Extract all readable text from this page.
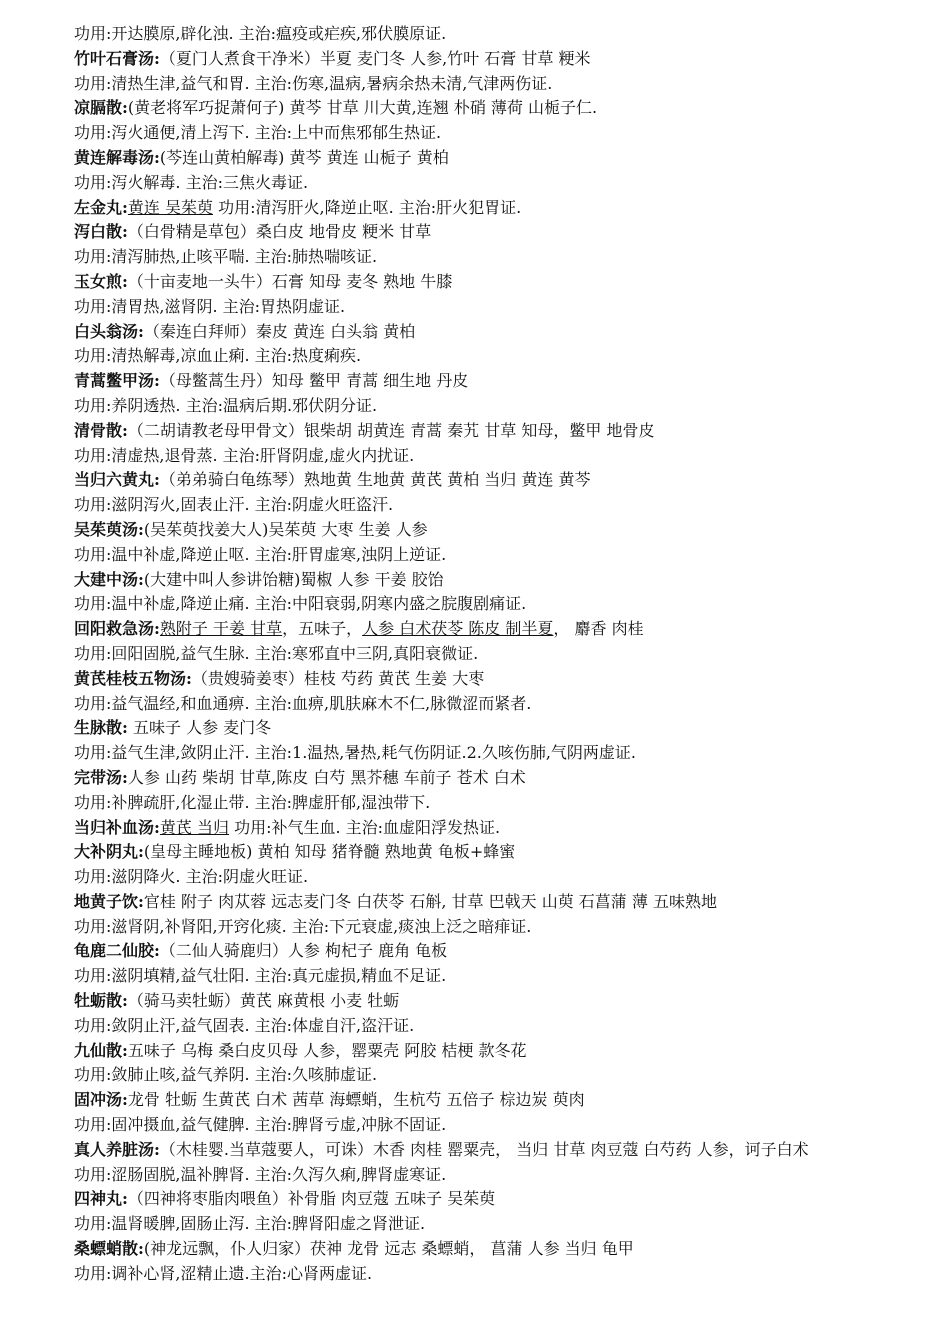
功用:开达膜原,辟化浊. 主治:瘟疫或疟疾,邪伏膜原证.
竹叶石膏汤:（夏门人煮食干净米）半夏 麦门冬 人参,竹叶 石膏 甘草 粳米
功用:清热生津,益气和胃. 主治:伤寒,温病,暑病余热未清,气津两伤证.
凉膈散:(黄老将军巧捉萧何子) 黄芩 甘草 川大黄,连翘 朴硝 薄荷 山栀子仁.
功用:泻火通便,清上泻下. 主治:上中而焦邪郁生热证.
黄连解毒汤:(芩连山黄柏解毒) 黄芩 黄连 山栀子 黄柏
功用:泻火解毒. 主治:三焦火毒证.
左金丸:黄连 吴茱萸 功用:清泻肝火,降逆止呕. 主治:肝火犯胃证.
泻白散:（白骨精是草包）桑白皮 地骨皮 粳米 甘草
功用:清泻肺热,止咳平喘. 主治:肺热喘咳证.
玉女煎:（十亩麦地一头牛）石膏 知母 麦冬 熟地 牛膝
功用:清胃热,滋肾阴. 主治:胃热阴虚证.
白头翁汤:（秦连白拜师）秦皮 黄连 白头翁 黄柏
功用:清热解毒,凉血止痢. 主治:热度痢疾.
青蒿鳖甲汤:（母鳖蒿生丹）知母 鳖甲 青蒿 细生地 丹皮
功用:养阴透热. 主治:温病后期.邪伏阴分证.
清骨散:（二胡请教老母甲骨文）银柴胡 胡黄连 青蒿 秦艽 甘草 知母，鳖甲 地骨皮
功用:清虚热,退骨蒸. 主治:肝肾阴虚,虚火内扰证.
当归六黄丸:（弟弟骑白龟练琴）熟地黄 生地黄 黄芪 黄柏 当归 黄连 黄芩
功用:滋阴泻火,固表止汗. 主治:阴虚火旺盗汗.
吴茱萸汤:(吴茱萸找姜大人)吴茱萸 大枣 生姜 人参
功用:温中补虚,降逆止呕. 主治:肝胃虚寒,浊阴上逆证.
大建中汤:(大建中叫人参讲饴糖)蜀椒 人参 干姜 胶饴
功用:温中补虚,降逆止痛. 主治:中阳衰弱,阴寒内盛之脘腹剧痛证.
回阳救急汤:熟附子 干姜 甘草，五味子，人参 白术茯苓 陈皮 制半夏， 麝香 肉桂
功用:回阳固脱,益气生脉. 主治:寒邪直中三阴,真阳衰微证.
黄芪桂枝五物汤:（贵嫂骑姜枣）桂枝 芍药 黄芪 生姜 大枣
功用:益气温经,和血通痹. 主治:血痹,肌肤麻木不仁,脉微涩而紧者.
生脉散: 五味子 人参 麦门冬
功用:益气生津,敛阴止汗. 主治:1.温热,暑热,耗气伤阴证.2.久咳伤肺,气阴两虚证.
完带汤:人参 山药 柴胡 甘草,陈皮 白芍 黑芥穗 车前子 苍术 白术
功用:补脾疏肝,化湿止带. 主治:脾虚肝郁,湿浊带下.
当归补血汤:黄芪 当归 功用:补气生血. 主治:血虚阳浮发热证.
大补阴丸:(皇母主睡地板) 黄柏 知母 猪脊髓 熟地黄 龟板+蜂蜜
功用:滋阴降火. 主治:阴虚火旺证.
地黄子饮:官桂 附子 肉苁蓉 远志麦门冬 白茯苓 石斛, 甘草 巴戟天 山萸 石菖蒲 薄 五味熟地
功用:滋肾阴,补肾阳,开窍化痰. 主治:下元衰虚,痰浊上泛之暗痱证.
龟鹿二仙胶:（二仙人骑鹿归）人参 枸杞子 鹿角 龟板
功用:滋阴填精,益气壮阳. 主治:真元虚损,精血不足证.
牡蛎散:（骑马卖牡蛎）黄芪 麻黄根 小麦 牡蛎
功用:敛阴止汗,益气固表. 主治:体虚自汗,盗汗证.
九仙散:五味子 乌梅 桑白皮贝母 人参，罂粟壳 阿胶 桔梗 款冬花
功用:敛肺止咳,益气养阴. 主治:久咳肺虚证.
固冲汤:龙骨 牡蛎 生黄芪 白术 茜草 海螵蛸，生杭芍 五倍子 棕边炭 萸肉
功用:固冲摄血,益气健脾. 主治:脾肾亏虚,冲脉不固证.
真人养脏汤:（木桂婴.当草蔻要人，可诛）木香 肉桂 罂粟壳， 当归 甘草 肉豆蔻 白芍药 人参，诃子白术
功用:涩肠固脱,温补脾肾. 主治:久泻久痢,脾肾虚寒证.
四神丸:（四神将枣脂肉喂鱼）补骨脂 肉豆蔻 五味子 吴茱萸
功用:温肾暖脾,固肠止泻. 主治:脾肾阳虚之肾泄证.
桑螵蛸散:(神龙远飘，仆人归家）茯神 龙骨 远志 桑螵蛸， 菖蒲 人参 当归 龟甲
功用:调补心肾,涩精止遗.主治:心肾两虚证.
